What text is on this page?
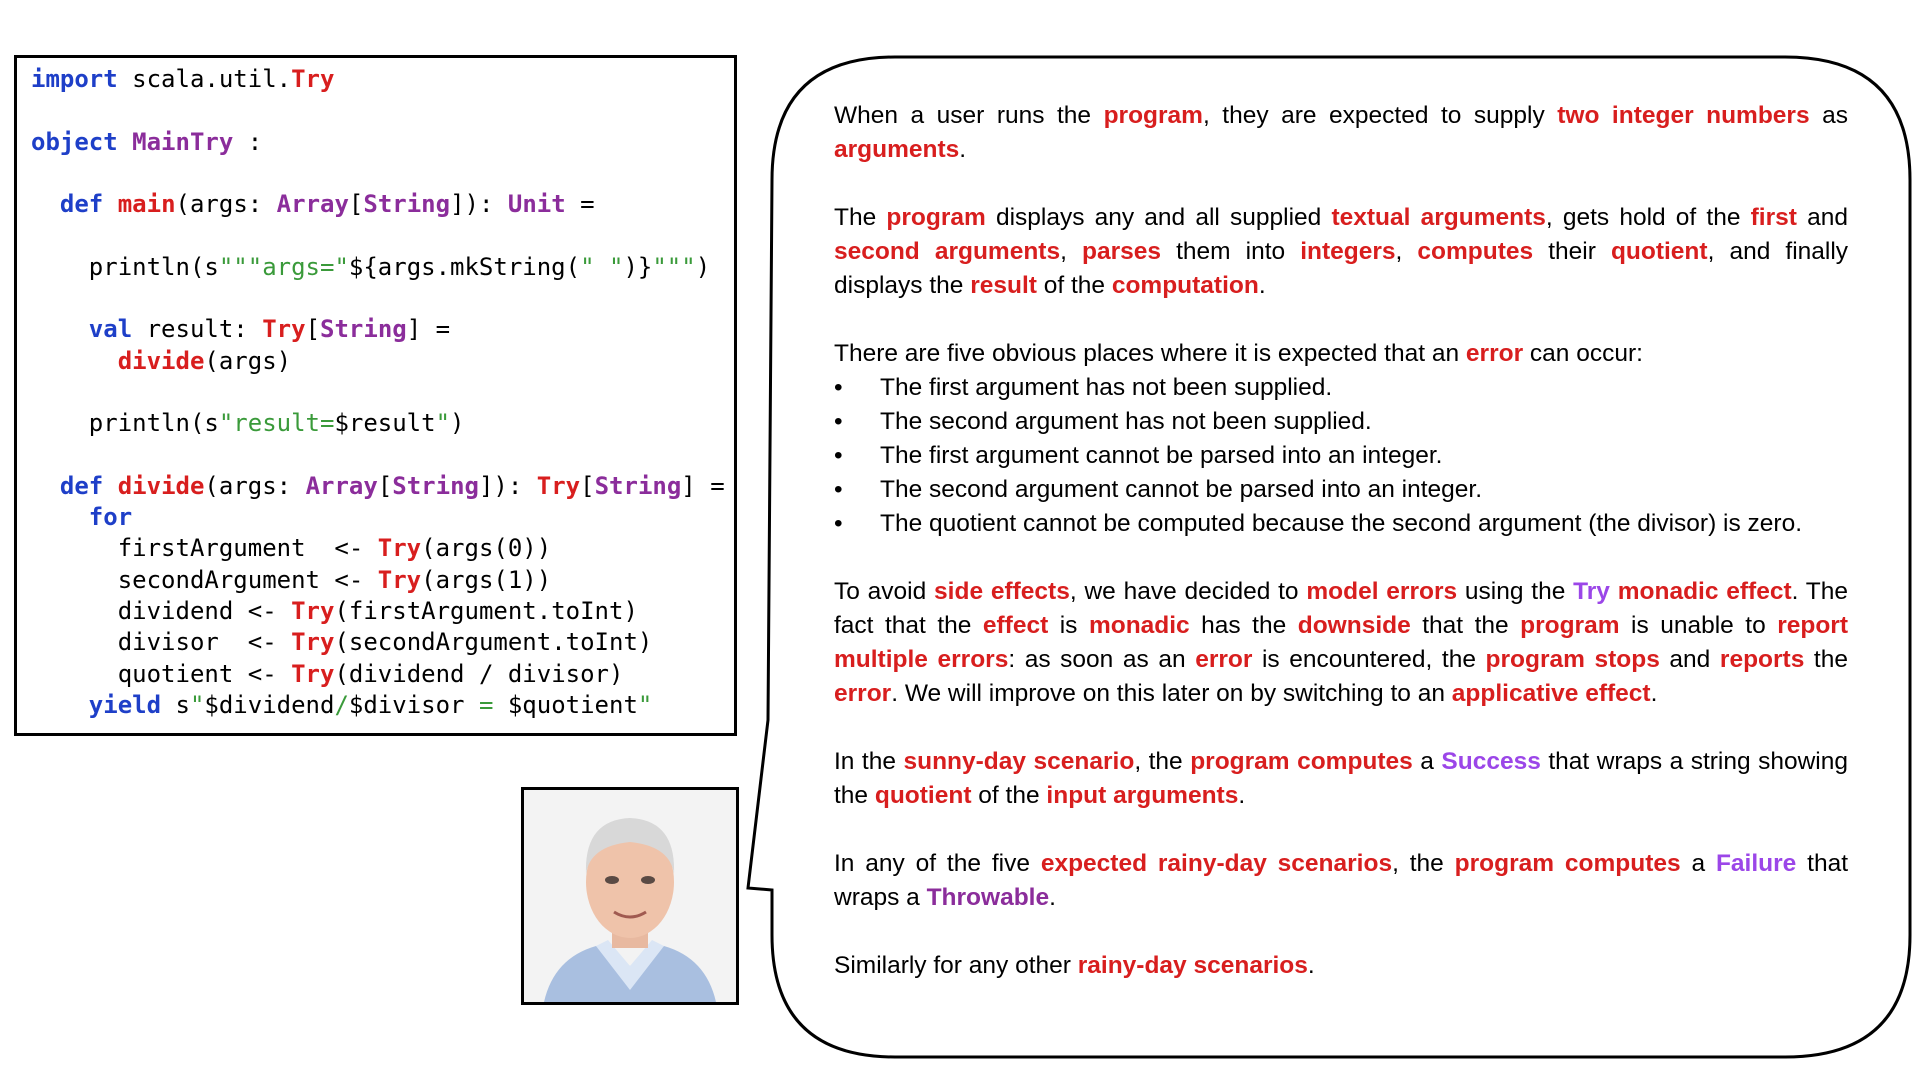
import scala.util.Try

object MainTry :

def main(args: Array[String]): Unit =

println(s"""args="${args.mkString(" ")}""")

val result: Try[String] =
divide(args)

println(s"result=$result")

def divide(args: Array[String]): Try[String] =
for
firstArgument  <- Try(args(0))
secondArgument <- Try(args(1))
dividend <- Try(firstArgument.toInt)
divisor  <- Try(secondArgument.toInt)
quotient <- Try(dividend / divisor)
yield s"$dividend/$divisor = $quotient"
When a user runs the program, they are expected to supply two integer numbers as arguments.
The program displays any and all supplied textual arguments, gets hold of the first and second arguments, parses them into integers, computes their quotient, and finally displays the result of the computation.
There are five obvious places where it is expected that an error can occur:
• The first argument has not been supplied.
• The second argument has not been supplied.
• The first argument cannot be parsed into an integer.
• The second argument cannot be parsed into an integer.
• The quotient cannot be computed because the second argument (the divisor) is zero.
To avoid side effects, we have decided to model errors using the Try monadic effect. The fact that the effect is monadic has the downside that the program is unable to report multiple errors: as soon as an error is encountered, the program stops and reports the error. We will improve on this later on by switching to an applicative effect.
In the sunny-day scenario, the program computes a Success that wraps a string showing the quotient of the input arguments.
In any of the five expected rainy-day scenarios, the program computes a Failure that wraps a Throwable.
Similarly for any other rainy-day scenarios.
